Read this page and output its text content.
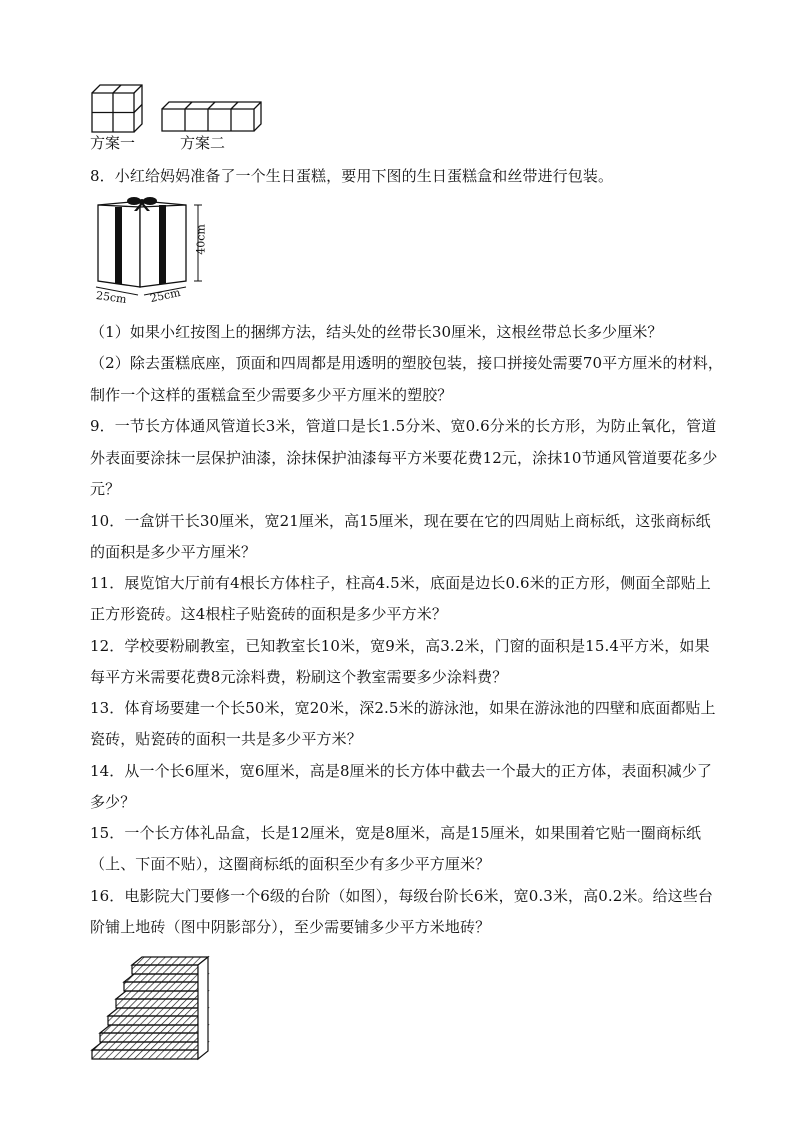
方案一	方案二
8．小红给妈妈准备了一个生日蛋糕，要用下图的生日蛋糕盒和丝带进行包装。
40cm
25cm 25cm
（1）如果小红按图上的捆绑方法，结头处的丝带长30厘米，这根丝带总长多少厘米？
（2）除去蛋糕底座，顶面和四周都是用透明的塑胶包装，接口拼接处需要70平方厘米的材料，
制作一个这样的蛋糕盒至少需要多少平方厘米的塑胶？
9．一节长方体通风管道长3米，管道口是长1.5分米、宽0.6分米的长方形，为防止氧化，管道
外表面要涂抹一层保护油漆，涂抹保护油漆每平方米要花费12元，涂抹10节通风管道要花多少
元？
10．一盒饼干长30厘米，宽21厘米，高15厘米，现在要在它的四周贴上商标纸，这张商标纸
的面积是多少平方厘米？
11．展览馆大厅前有4根长方体柱子，柱高4.5米，底面是边长0.6米的正方形，侧面全部贴上
正方形瓷砖。这4根柱子贴瓷砖的面积是多少平方米？
12．学校要粉刷教室，已知教室长10米，宽9米，高3.2米，门窗的面积是15.4平方米，如果
每平方米需要花费8元涂料费，粉刷这个教室需要多少涂料费？
13．体育场要建一个长50米，宽20米，深2.5米的游泳池，如果在游泳池的四壁和底面都贴上
瓷砖，贴瓷砖的面积一共是多少平方米？
14．从一个长6厘米，宽6厘米，高是8厘米的长方体中截去一个最大的正方体，表面积减少了
多少？
15．一个长方体礼品盒，长是12厘米，宽是8厘米，高是15厘米，如果围着它贴一圈商标纸
（上、下面不贴），这圈商标纸的面积至少有多少平方厘米？
16．电影院大门要修一个6级的台阶（如图），每级台阶长6米，宽0.3米，高0.2米。给这些台
阶铺上地砖（图中阴影部分），至少需要铺多少平方米地砖？
